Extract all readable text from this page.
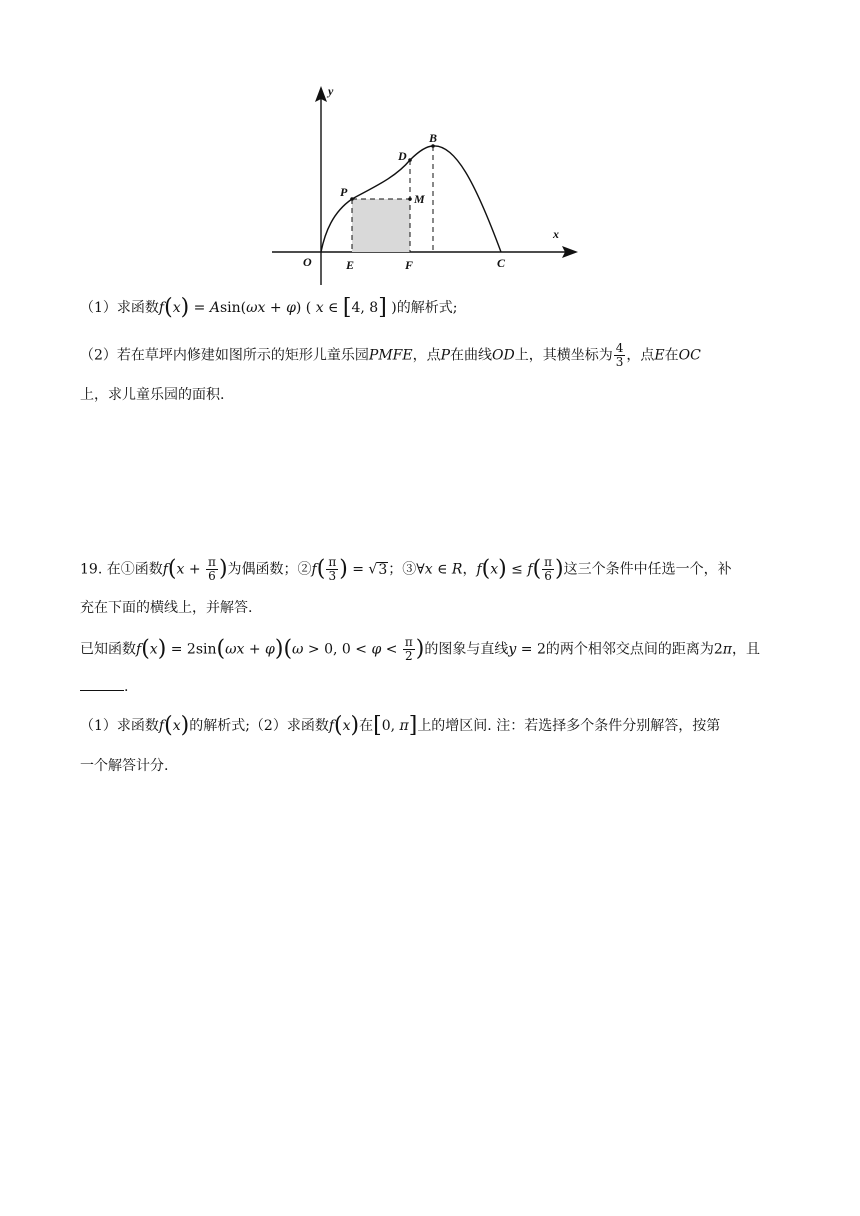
y
x
O	E	F	C
P	M
D
B
（1）求函数f(x) = Asin(ωx + φ) ( x ∈ [4, 8] )的解析式;
（2）若在草坪内修建如图所示的矩形儿童乐园PMFE，点P在曲线OD上，其横坐标为 $\frac{4}{3}$ ，点E在OC
上，求儿童乐园的面积.
19. 在①函数$f(x + \frac{\pi}{6}$ )为偶函数；②f( $\frac{\pi}{3}$ ) = √3；③∀x ∈ R，$f(x) \le f( \frac{\pi}{6}$ )这三个条件中任选一个，补
充在下面的横线上，并解答.
已知函数f(x) = 2sin(ωx + φ)(ω > 0, $0 < \varphi < \frac{\pi}{2}$ )的图象与直线y = 2的两个相邻交点间的距离为2π，且
.
（1）求函数f(x)的解析式;（2）求函数f(x)在[0, π]上的增区间. 注：若选择多个条件分别解答，按第
一个解答计分.
